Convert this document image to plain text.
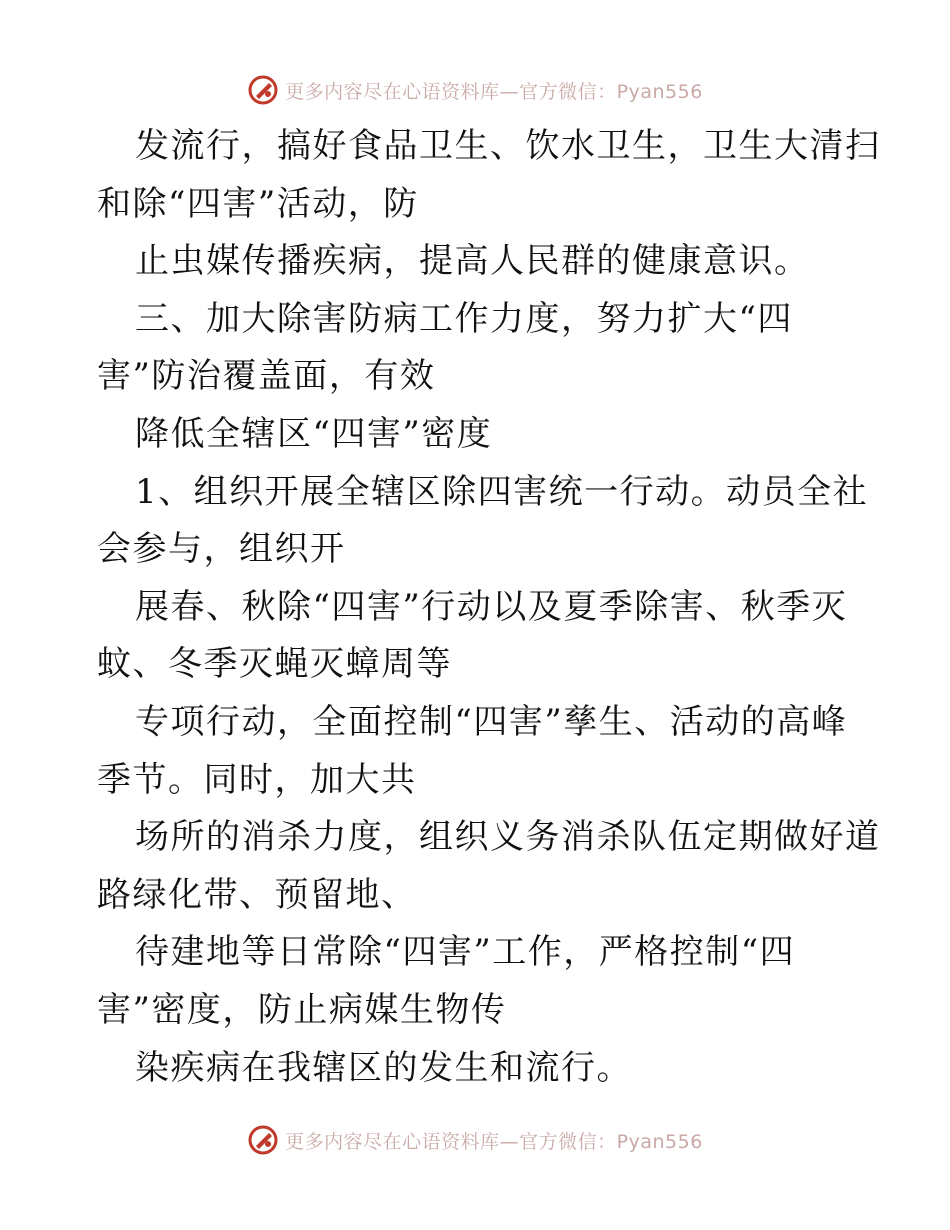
更多内容尽在心语资料库—官方微信：Pyan556
发流行，搞好食品卫生、饮水卫生，卫生大清扫
和除“四害”活动，防
止虫媒传播疾病，提高人民群的健康意识。
三、加大除害防病工作力度，努力扩大“四
害”防治覆盖面，有效
降低全辖区“四害”密度
1、组织开展全辖区除四害统一行动。动员全社
会参与，组织开
展春、秋除“四害”行动以及夏季除害、秋季灭
蚊、冬季灭蝇灭蟑周等
专项行动，全面控制“四害”孳生、活动的高峰
季节。同时，加大共
场所的消杀力度，组织义务消杀队伍定期做好道
路绿化带、预留地、
待建地等日常除“四害”工作，严格控制“四
害”密度，防止病媒生物传
染疾病在我辖区的发生和流行。
更多内容尽在心语资料库—官方微信：Pyan556
